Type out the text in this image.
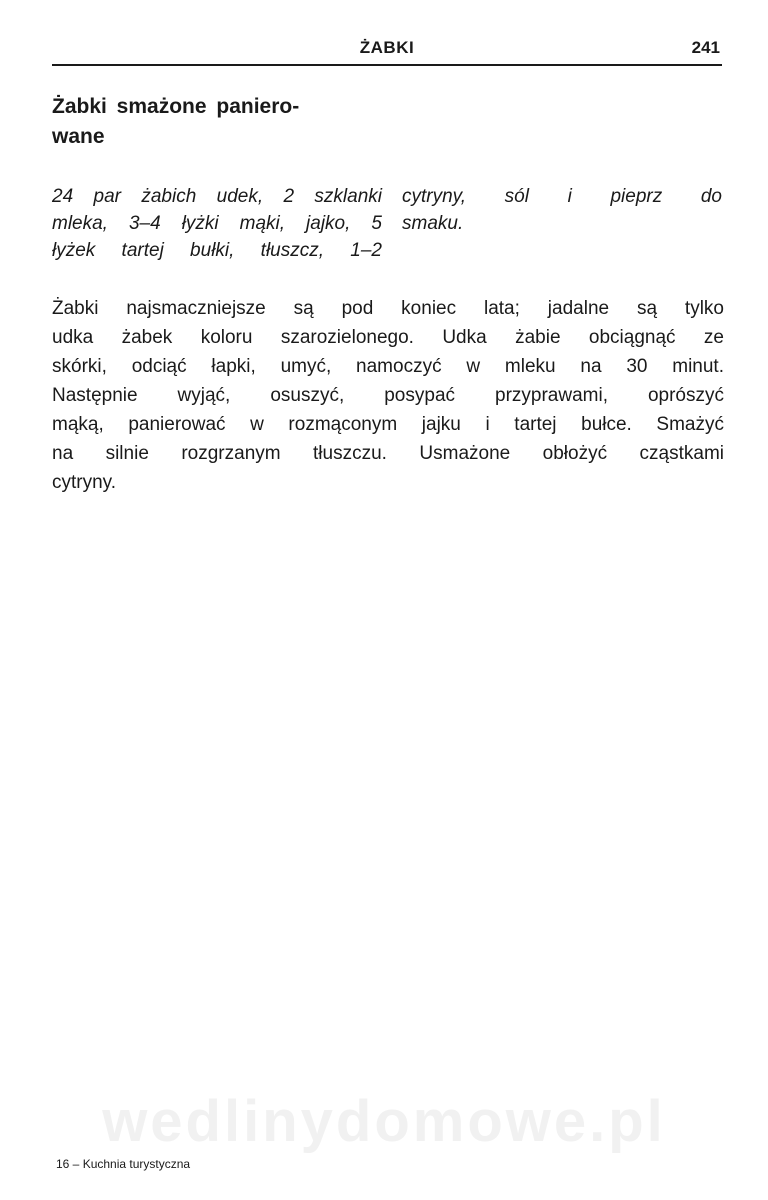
ŻABKI	241
Żabki smażone paniero-
wane
24 par żabich udek, 2 szklanki
mleka, 3–4 łyżki mąki, jajko, 5
łyżek tartej bułki, tłuszcz, 1–2
cytryny, sól i pieprz do
smaku.
Żabki najsmaczniejsze są pod koniec lata; jadalne są tylko
udka żabek koloru szarozielonego. Udka żabie obciągnąć ze
skórki, odciąć łapki, umyć, namoczyć w mleku na 30 minut.
Następnie wyjąć, osuszyć, posypać przyprawami, oprószyć
mąką, panierować w rozmąconym jajku i tartej bułce. Smażyć
na silnie rozgrzanym tłuszczu. Usmażone obłożyć cząstkami
cytryny.
wedlinydomowe.pl
16 – Kuchnia turystyczna
